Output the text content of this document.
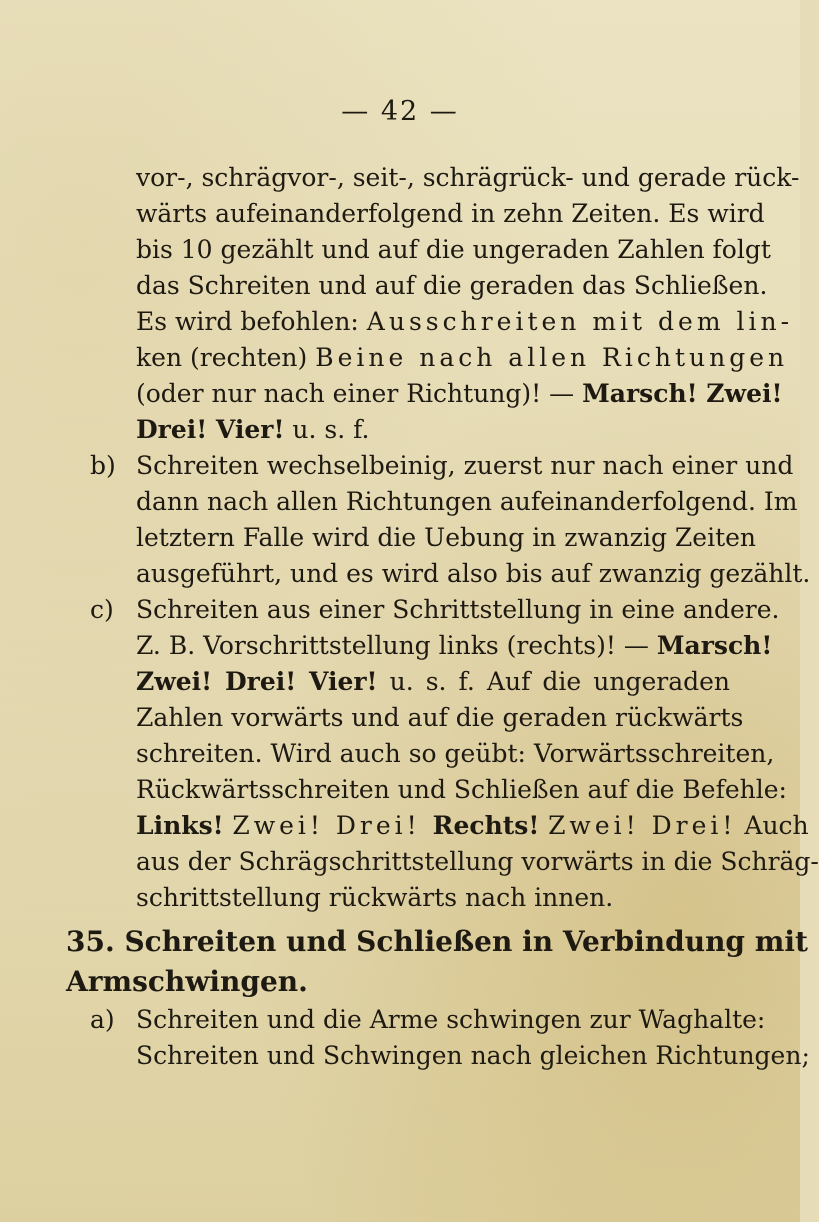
— 42 —
vor-, schrägvor-, seit-, schrägrück- und gerade rück-
wärts aufeinanderfolgend in zehn Zeiten. Es wird
bis 10 gezählt und auf die ungeraden Zahlen folgt
das Schreiten und auf die geraden das Schließen.
Es wird befohlen: Ausschreiten mit dem lin-
ken (rechten) Beine nach allen Richtungen
(oder nur nach einer Richtung)! — Marsch! Zwei!
Drei! Vier! u. s. f.
b) Schreiten wechselbeinig, zuerst nur nach einer und
dann nach allen Richtungen aufeinanderfolgend. Im
letztern Falle wird die Uebung in zwanzig Zeiten
ausgeführt, und es wird also bis auf zwanzig gezählt.
c) Schreiten aus einer Schrittstellung in eine andere.
Z. B. Vorschrittstellung links (rechts)! — Marsch!
Zwei! Drei! Vier! u. s. f. Auf die ungeraden
Zahlen vorwärts und auf die geraden rückwärts
schreiten. Wird auch so geübt: Vorwärtsschreiten,
Rückwärtsschreiten und Schließen auf die Befehle:
Links! Zwei! Drei! Rechts! Zwei! Drei! Auch
aus der Schrägschrittstellung vorwärts in die Schräg-
schrittstellung rückwärts nach innen.
35. Schreiten und Schließen in Verbindung mit
Armschwingen.
a) Schreiten und die Arme schwingen zur Waghalte:
Schreiten und Schwingen nach gleichen Richtungen;
